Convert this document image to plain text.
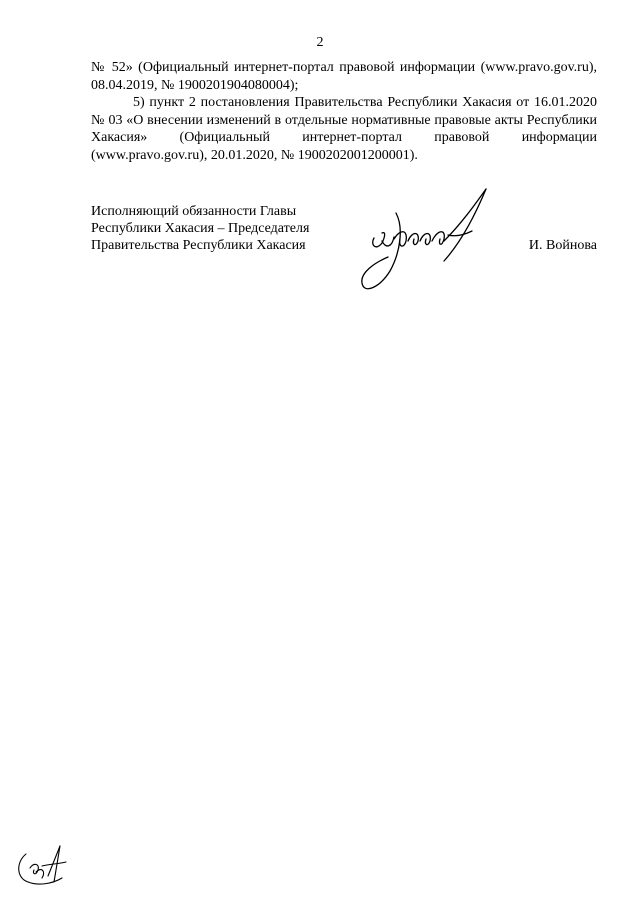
2

№ 52» (Официальный интернет-портал правовой информации (www.pravo.gov.ru), 08.04.2019, № 1900201904080004);

5) пункт 2 постановления Правительства Республики Хакасия от 16.01.2020 № 03 «О внесении изменений в отдельные нормативные правовые акты Республики Хакасия» (Официальный интернет-портал правовой информации (www.pravo.gov.ru), 20.01.2020, № 1900202001200001).

Исполняющий обязанности Главы
Республики Хакасия – Председателя
Правительства Республики Хакасия	И. Войнова
